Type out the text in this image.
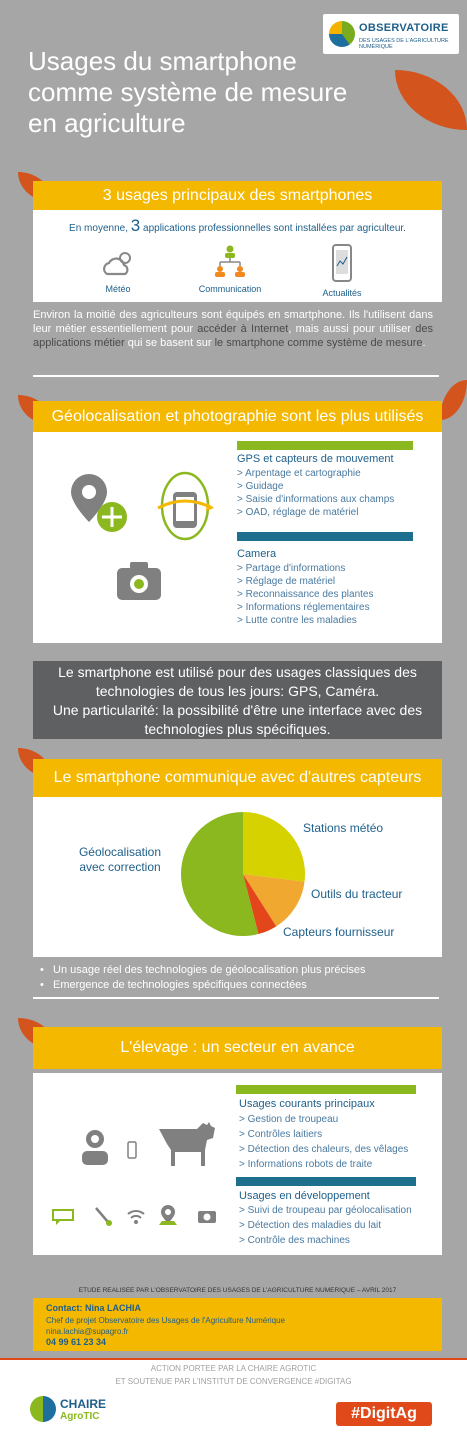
OBSERVATOIRE
DES USAGES DE L'AGRICULTURE NUMÉRIQUE
Usages du smartphone
comme système de mesure
en agriculture
3 usages principaux des smartphones
En moyenne, 3 applications professionnelles sont installées par agriculteur.
Météo	Communication	Actualités
Environ la moitié des agriculteurs sont équipés en smartphone. Ils l'utilisent dans leur métier essentiellement pour accéder à Internet, mais aussi pour utiliser des applications métier qui se basent sur le smartphone comme système de mesure.
Géolocalisation et photographie sont les plus utilisés
GPS et capteurs de mouvement
> Arpentage et cartographie
> Guidage
> Saisie d'informations aux champs
> OAD, réglage de matériel
Camera
> Partage d'informations
> Réglage de matériel
> Reconnaissance des plantes
> Informations réglementaires
> Lutte contre les maladies
Le smartphone est utilisé pour des usages classiques des
technologies de tous les jours: GPS, Caméra.
Une particularité: la possibilité d'être une interface avec des
technologies plus spécifiques.
Le smartphone communique avec d'autres capteurs
Géolocalisation avec correction
Stations météo
Outils du tracteur
Capteurs fournisseur
•   Un usage réel des technologies de géolocalisation plus précises
•   Emergence de technologies spécifiques connectées
L'élevage : un secteur en avance
Usages courants principaux
> Gestion de troupeau
> Contrôles laitiers
> Détection des chaleurs, des vêlages
> Informations robots de traite
Usages en développement
> Suivi de troupeau par géolocalisation
> Détection des maladies du lait
> Contrôle des machines
ETUDE REALISEE PAR L'OBSERVATOIRE DES USAGES DE L'AGRICULTURE NUMERIQUE – AVRIL 2017
Contact: Nina LACHIA
Chef de projet Observatoire des Usages de l'Agriculture Numérique
nina.lachia@supagro.fr
04 99 61 23 34
ACTION PORTEE PAR LA CHAIRE AGROTIC
ET SOUTENUE PAR L'INSTITUT DE CONVERGENCE #DIGITAG
CHAIRE
AgroTIC	#DigitAg
